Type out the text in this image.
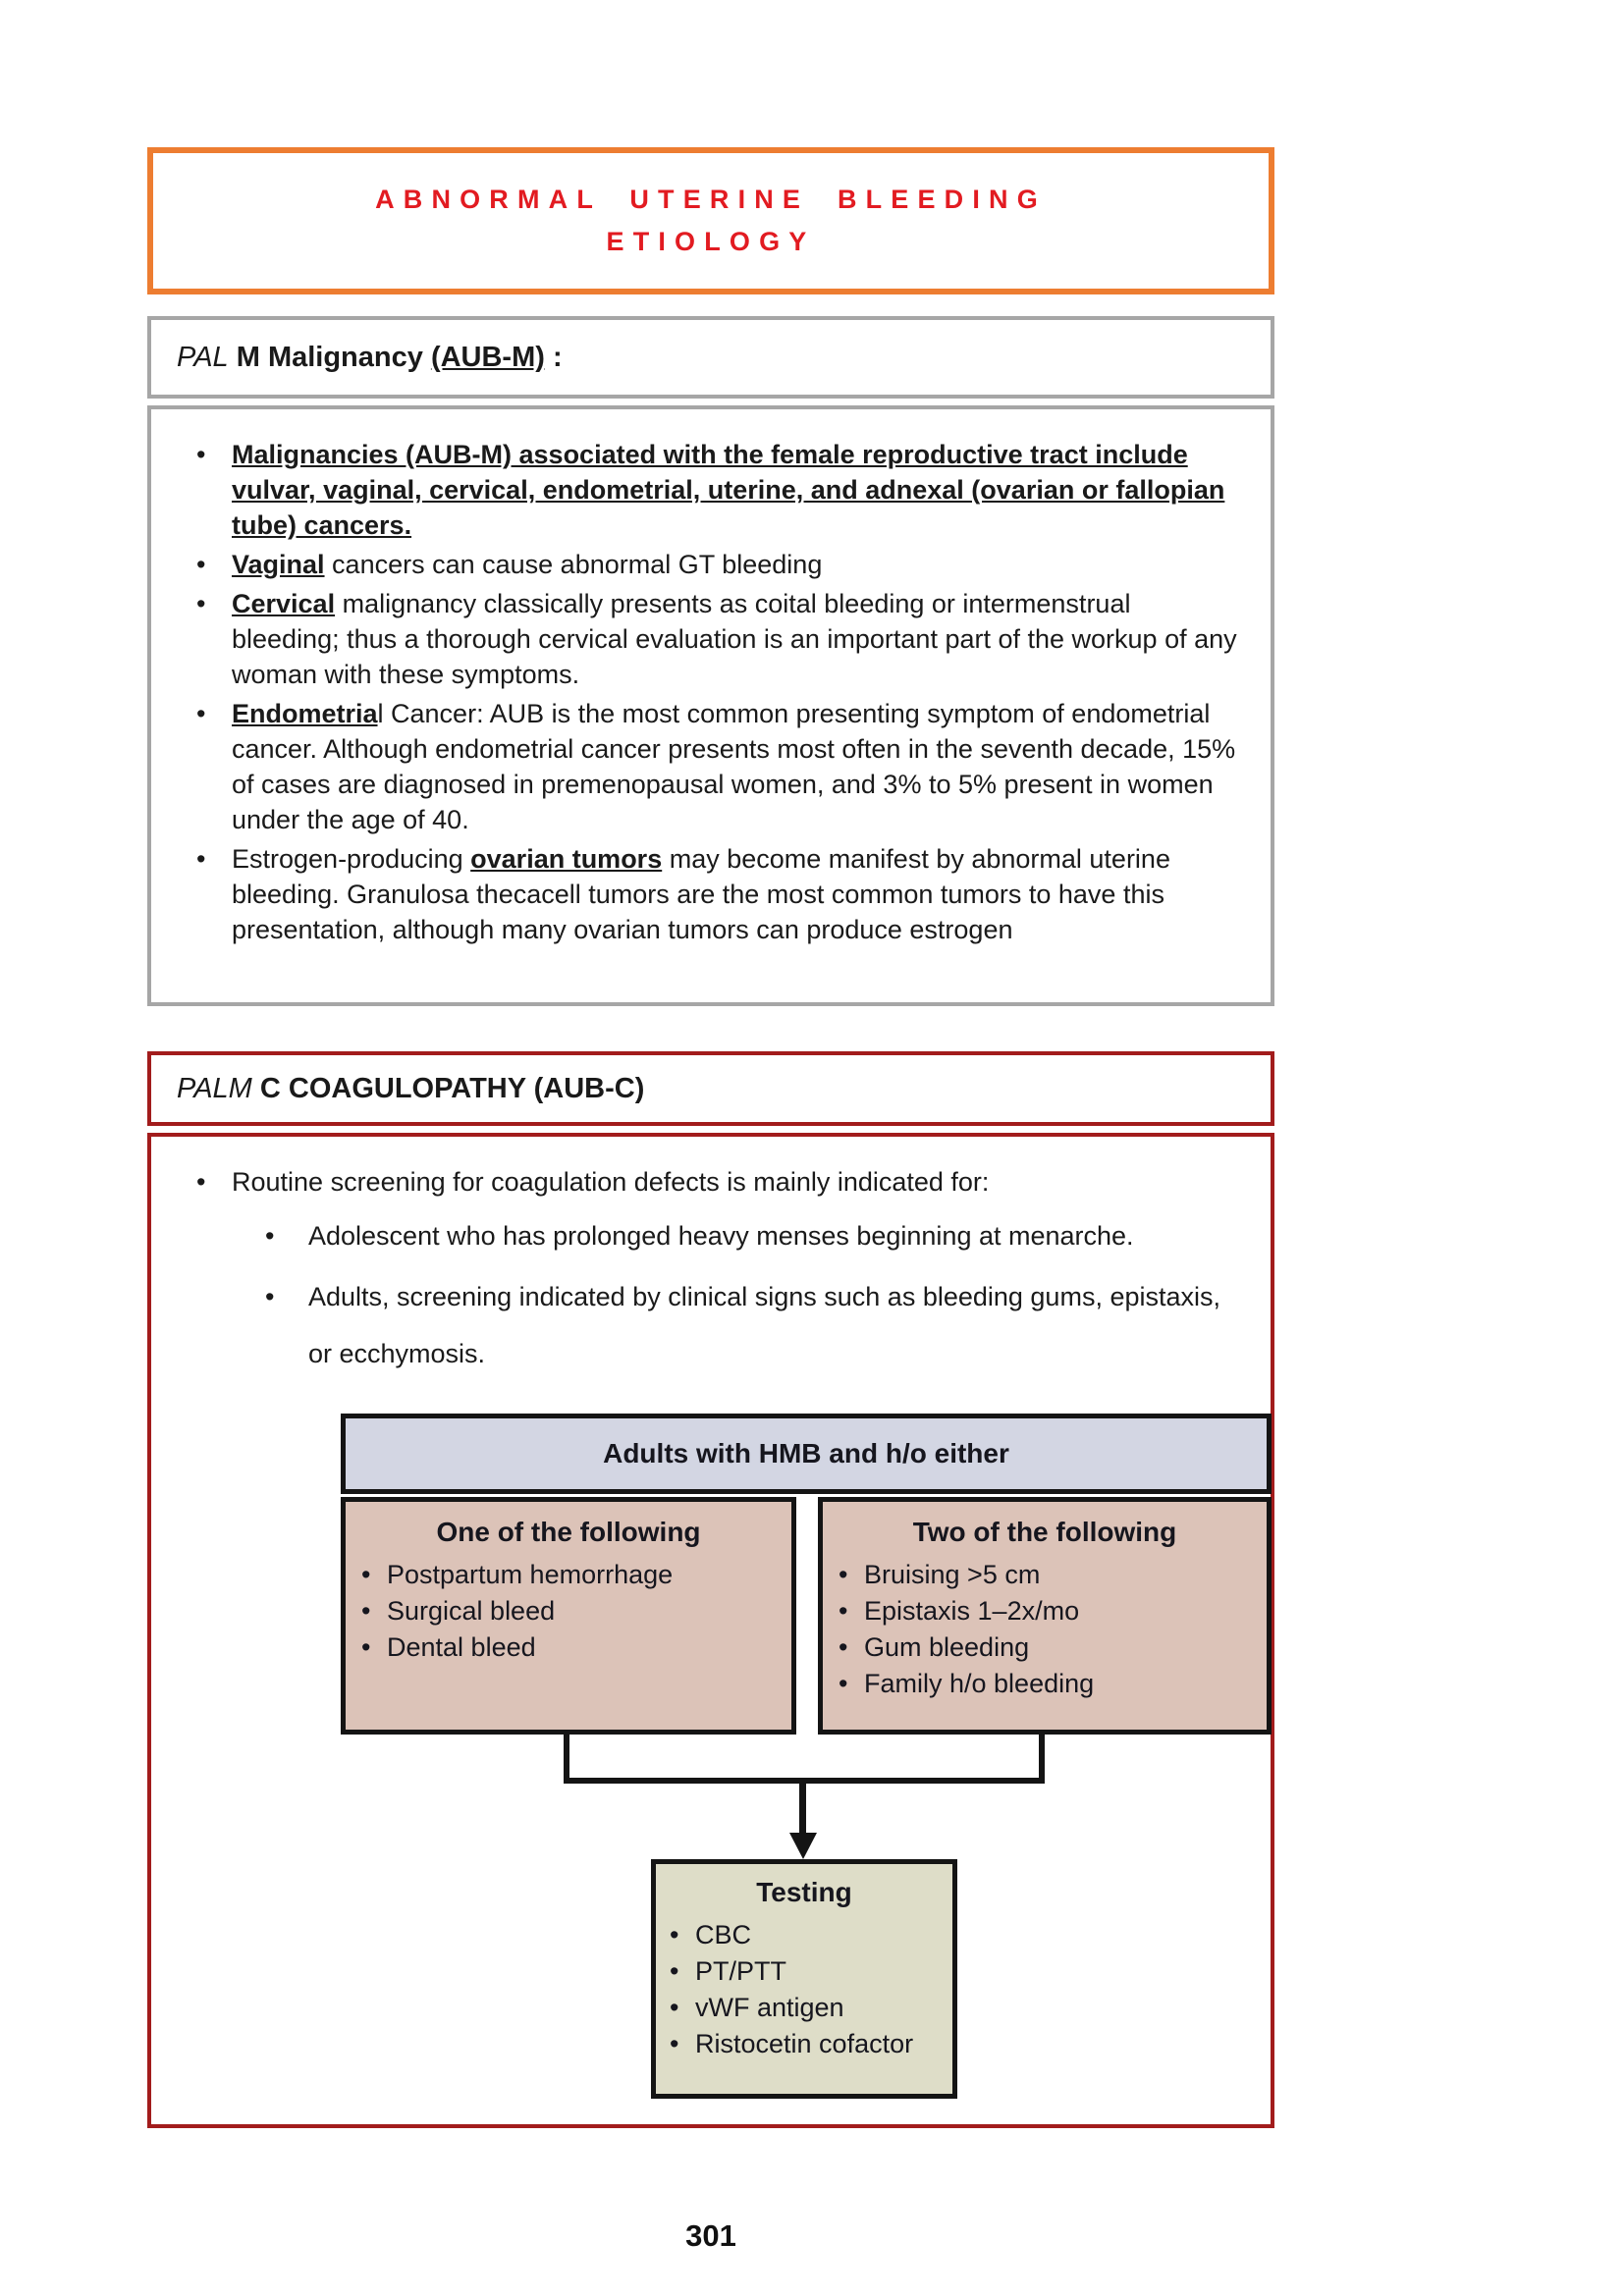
ABNORMAL UTERINE BLEEDING
ETIOLOGY
PAL M Malignancy (AUB-M) :
• Malignancies (AUB-M) associated with the female reproductive tract include vulvar, vaginal, cervical, endometrial, uterine, and adnexal (ovarian or fallopian tube) cancers.
• Vaginal cancers can cause abnormal GT bleeding
• Cervical malignancy classically presents as coital bleeding or intermenstrual bleeding; thus a thorough cervical evaluation is an important part of the workup of any woman with these symptoms.
• Endometrial Cancer: AUB is the most common presenting symptom of endometrial cancer. Although endometrial cancer presents most often in the seventh decade, 15% of cases are diagnosed in premenopausal women, and 3% to 5% present in women under the age of 40.
• Estrogen-producing ovarian tumors may become manifest by abnormal uterine bleeding. Granulosa thecacell tumors are the most common tumors to have this presentation, although many ovarian tumors can produce estrogen
PALM C COAGULOPATHY (AUB-C)
• Routine screening for coagulation defects is mainly indicated for:
•	Adolescent who has prolonged heavy menses beginning at menarche.
•	Adults, screening indicated by clinical signs such as bleeding gums, epistaxis, or ecchymosis.
Adults with HMB and h/o either
One of the following
• Postpartum hemorrhage
• Surgical bleed
• Dental bleed
Two of the following
• Bruising >5 cm
• Epistaxis 1–2x/mo
• Gum bleeding
• Family h/o bleeding
Testing
• CBC
• PT/PTT
• vWF antigen
• Ristocetin cofactor
301
